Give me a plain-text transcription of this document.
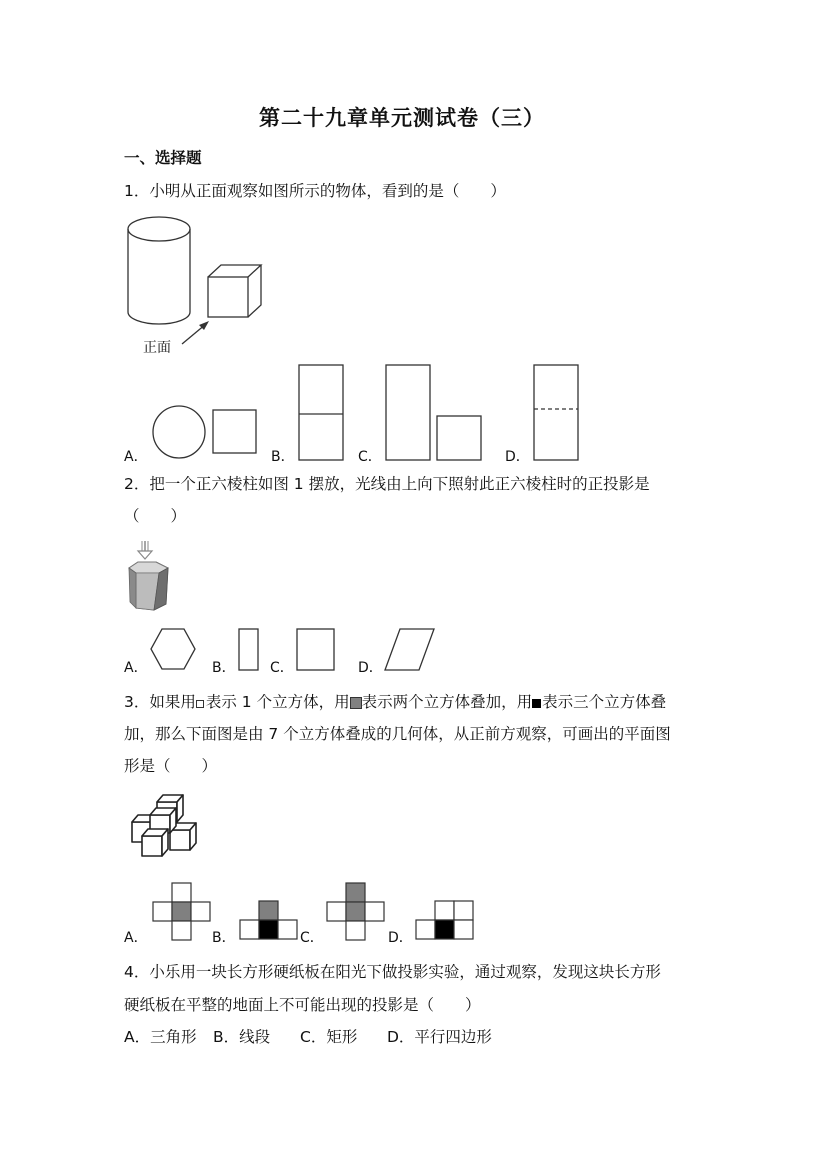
第二十九章单元测试卷（三）
一、选择题
1．小明从正面观察如图所示的物体，看到的是（　　）
正面
A．	B．	C．	D．
2．把一个正六棱柱如图 1 摆放，光线由上向下照射此正六棱柱时的正投影是
（　　）
A．	B． C．	D．
3．如果用 表示 1 个立方体，用 表示两个立方体叠加，用 表示三个立方体叠
加，那么下面图是由 7 个立方体叠成的几何体，从正前方观察，可画出的平面图
形是（　　）
A．	B．	C．	D．
4．小乐用一块长方形硬纸板在阳光下做投影实验，通过观察，发现这块长方形
硬纸板在平整的地面上不可能出现的投影是（　　）
A．三角形 B．线段 C．矩形 D．平行四边形
